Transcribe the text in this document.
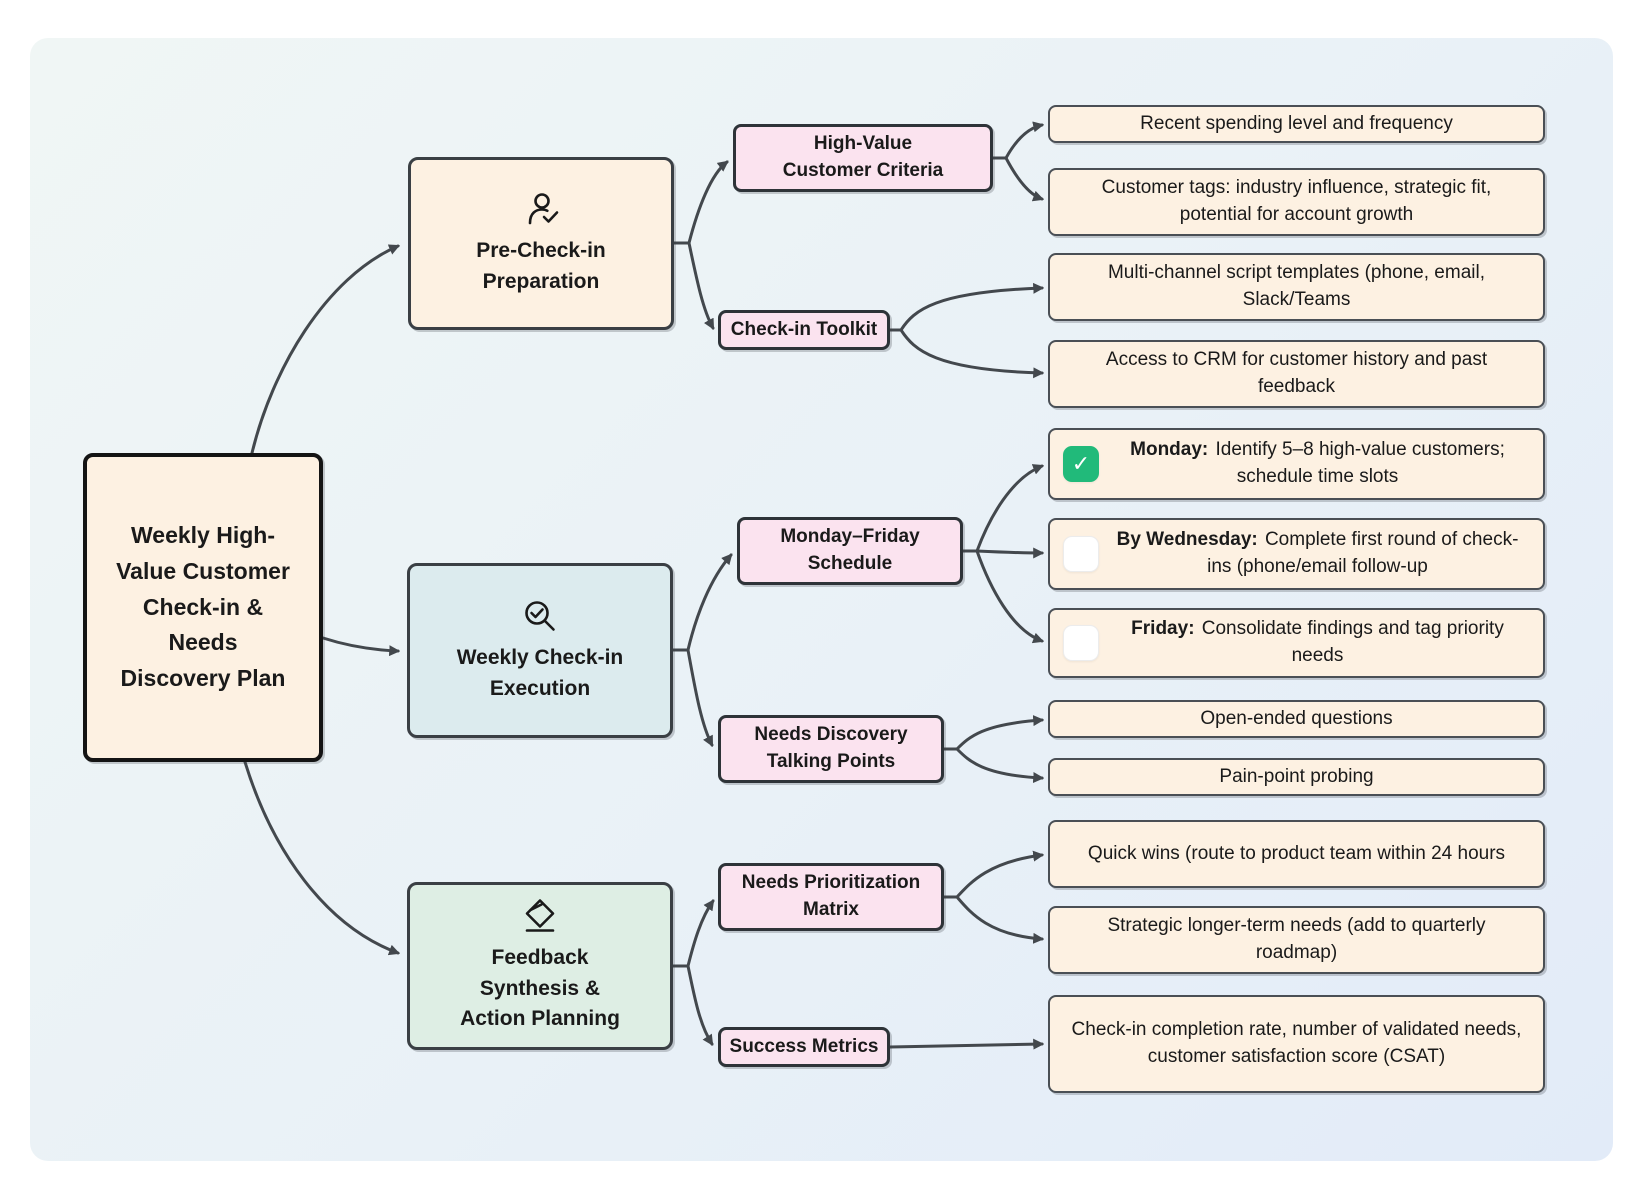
Weekly High-Value Customer Check-in & Needs Discovery Plan
Pre-Check-in Preparation
Weekly Check-in Execution
Feedback Synthesis & Action Planning
High-Value Customer Criteria
Check-in Toolkit
Monday–Friday Schedule
Needs Discovery Talking Points
Needs Prioritization Matrix
Success Metrics
Recent spending level and frequency
Customer tags: industry influence, strategic fit, potential for account growth
Multi-channel script templates (phone, email, Slack/Teams
Access to CRM for customer history and past feedback
✓
Monday: Identify 5–8 high-value customers; schedule time slots
By Wednesday: Complete first round of check-ins (phone/email follow-up
Friday: Consolidate findings and tag priority needs
Open-ended questions
Pain-point probing
Quick wins (route to product team within 24 hours
Strategic longer-term needs (add to quarterly roadmap)
Check-in completion rate, number of validated needs, customer satisfaction score (CSAT)
